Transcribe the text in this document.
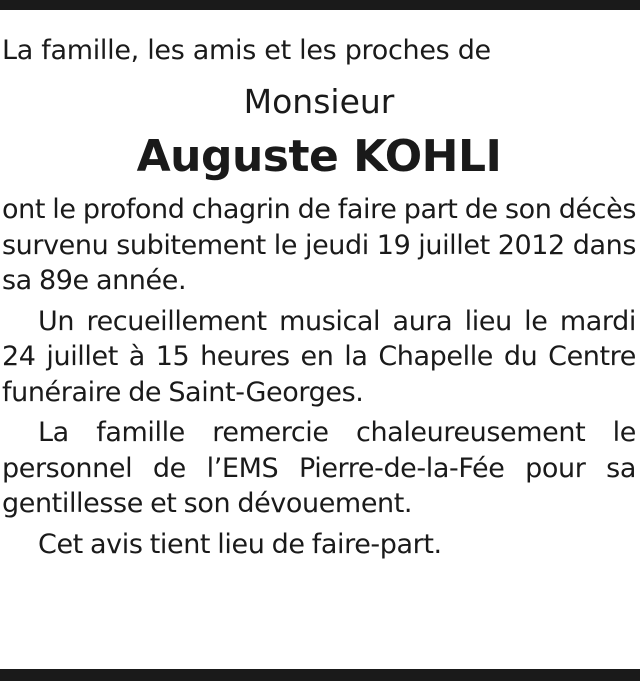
La famille, les amis et les proches de

Monsieur

Auguste KOHLI

ont le profond chagrin de faire part de son décès survenu subitement le jeudi 19 juillet 2012 dans sa 89e année.

Un recueillement musical aura lieu le mardi 24 juillet à 15 heures en la Chapelle du Centre funéraire de Saint-Georges.

La famille remercie chaleureusement le personnel de l’EMS Pierre-de-la-Fée pour sa gentillesse et son dévouement.

Cet avis tient lieu de faire-part.
